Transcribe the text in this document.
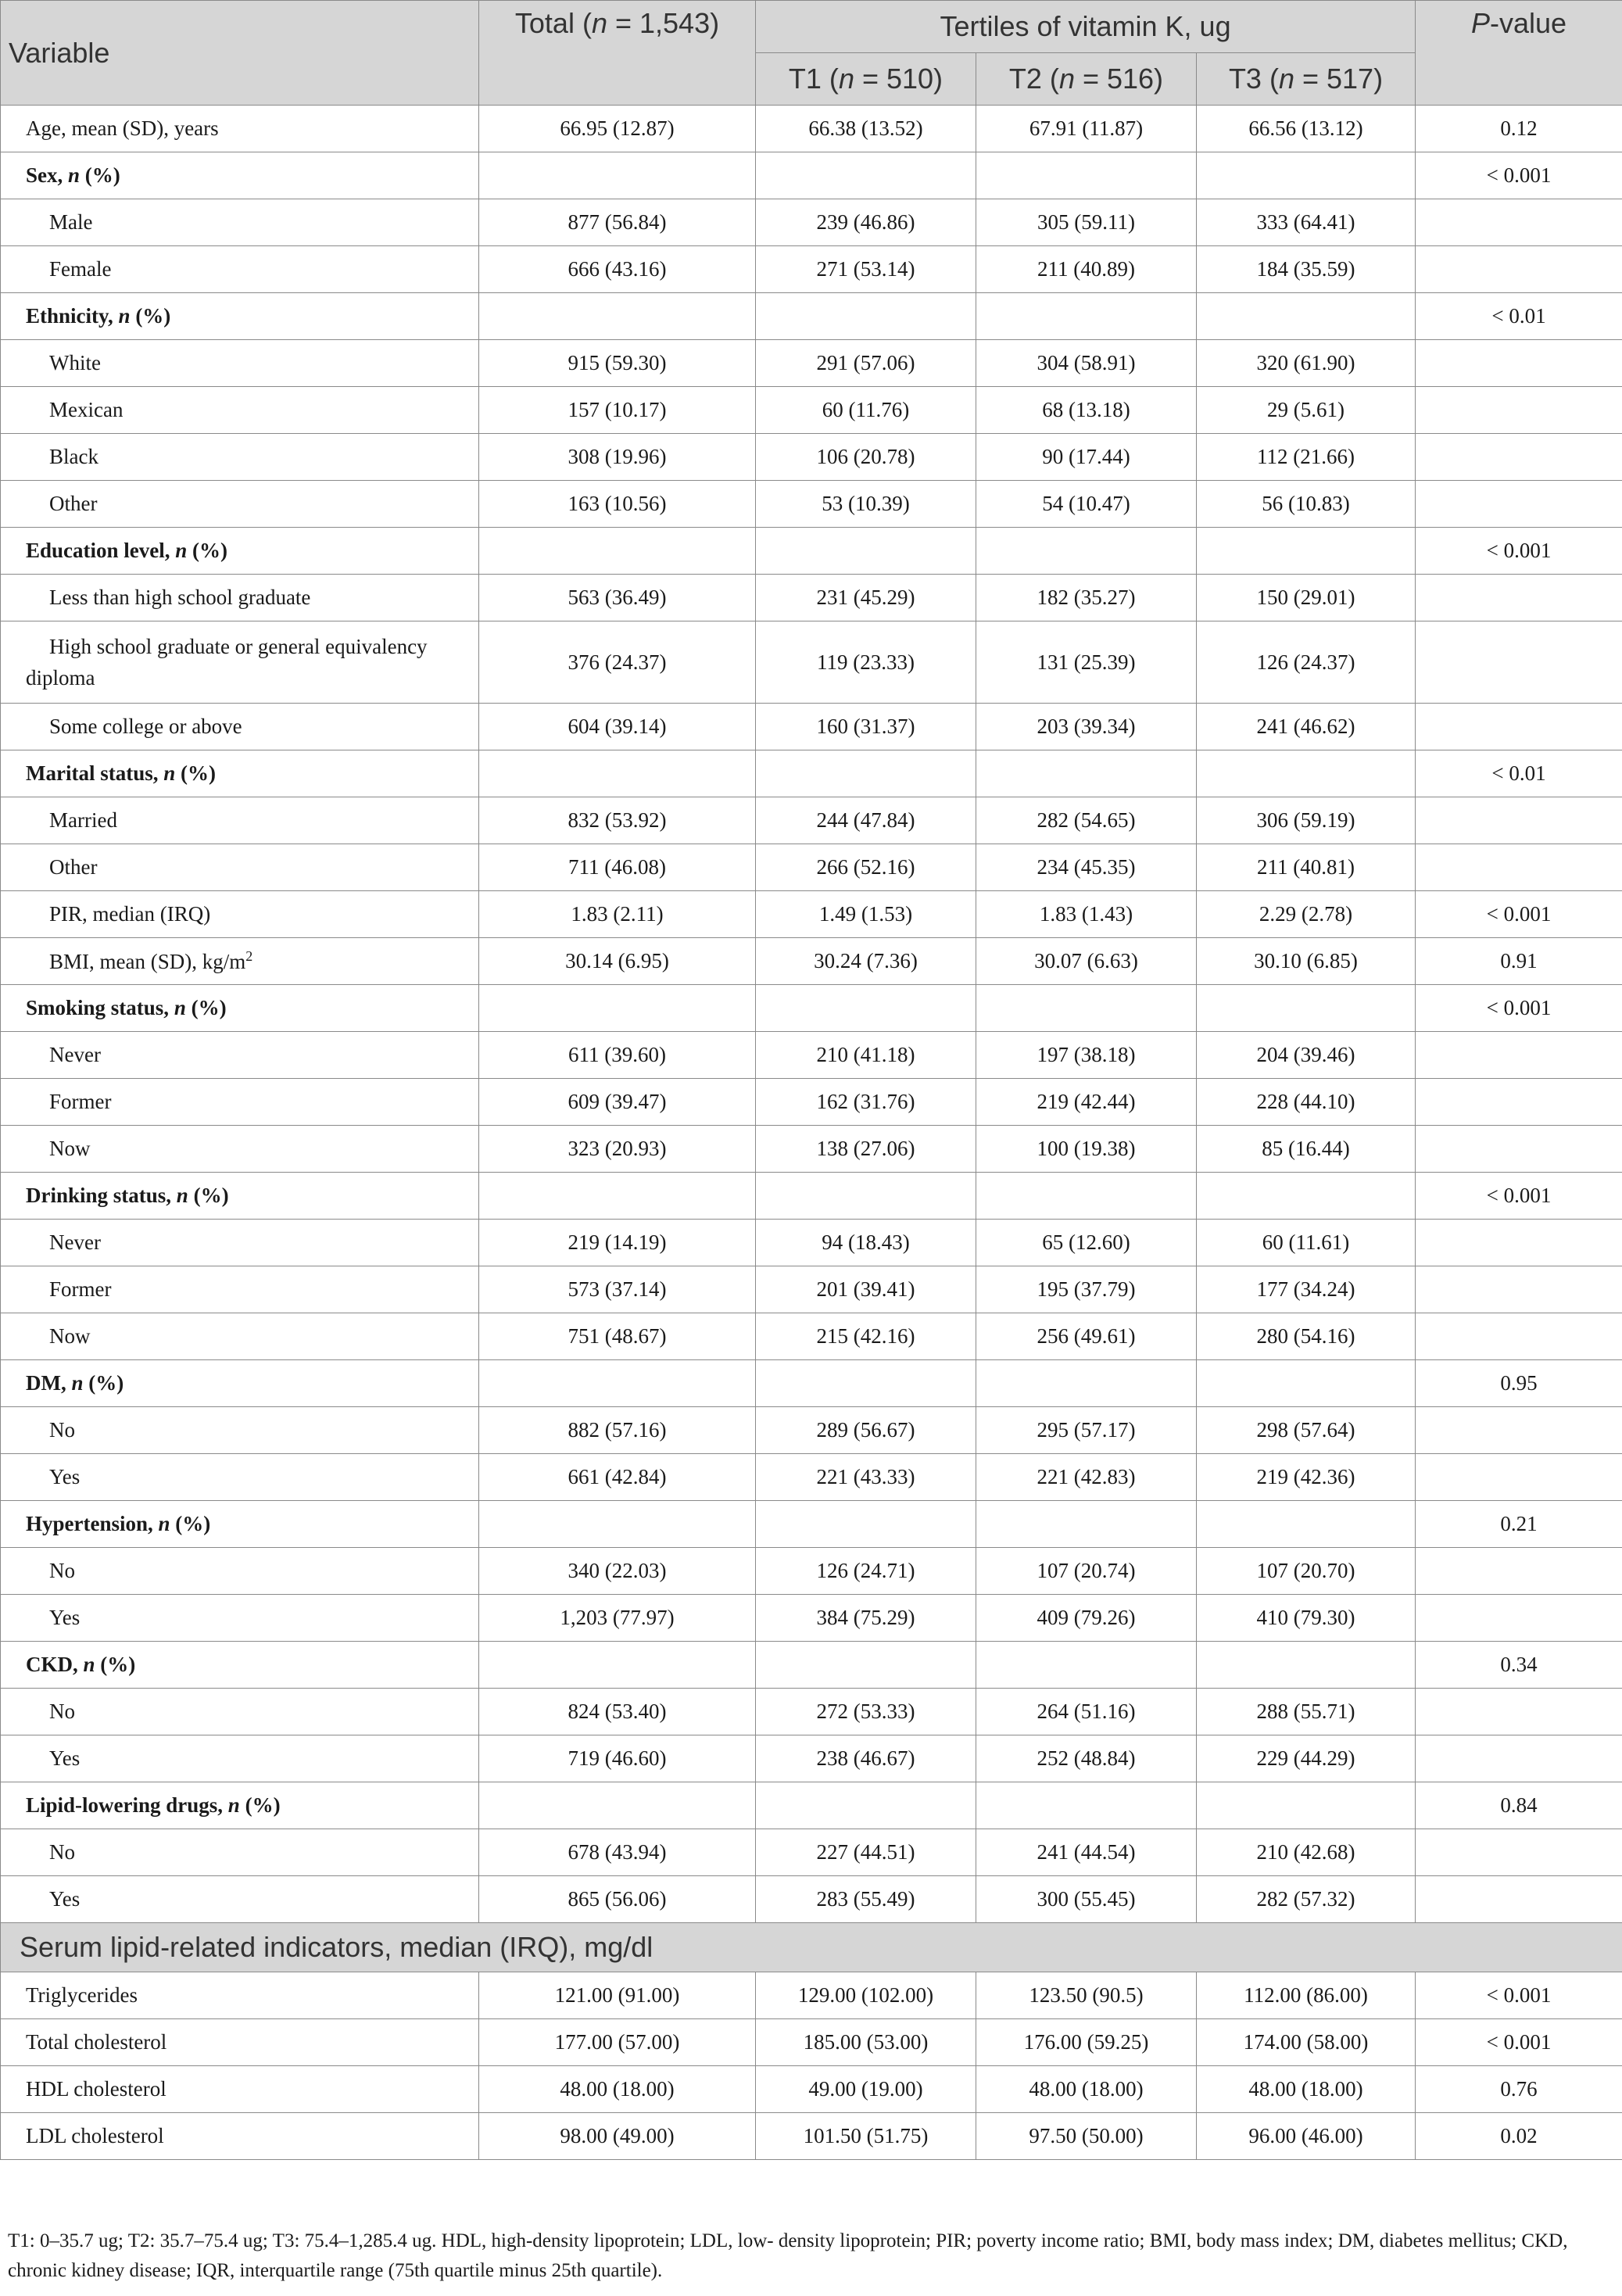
Variable	Total (n = 1,543)	Tertiles of vitamin K, ug			P-value
		T1 (n = 510)	T2 (n = 516)	T3 (n = 517)	
Age, mean (SD), years	66.95 (12.87)	66.38 (13.52)	67.91 (11.87)	66.56 (13.12)	0.12
Sex, n (%)					< 0.001
Male	877 (56.84)	239 (46.86)	305 (59.11)	333 (64.41)	
Female	666 (43.16)	271 (53.14)	211 (40.89)	184 (35.59)	
Ethnicity, n (%)					< 0.01
White	915 (59.30)	291 (57.06)	304 (58.91)	320 (61.90)	
Mexican	157 (10.17)	60 (11.76)	68 (13.18)	29 (5.61)	
Black	308 (19.96)	106 (20.78)	90 (17.44)	112 (21.66)	
Other	163 (10.56)	53 (10.39)	54 (10.47)	56 (10.83)	
Education level, n (%)					< 0.001
Less than high school graduate	563 (36.49)	231 (45.29)	182 (35.27)	150 (29.01)	
High school graduate or general equivalency diploma	376 (24.37)	119 (23.33)	131 (25.39)	126 (24.37)	
Some college or above	604 (39.14)	160 (31.37)	203 (39.34)	241 (46.62)	
Marital status, n (%)					< 0.01
Married	832 (53.92)	244 (47.84)	282 (54.65)	306 (59.19)	
Other	711 (46.08)	266 (52.16)	234 (45.35)	211 (40.81)	
PIR, median (IRQ)	1.83 (2.11)	1.49 (1.53)	1.83 (1.43)	2.29 (2.78)	< 0.001
BMI, mean (SD), $kg/m^2$	30.14 (6.95)	30.24 (7.36)	30.07 (6.63)	30.10 (6.85)	0.91
Smoking status, n (%)					< 0.001
Never	611 (39.60)	210 (41.18)	197 (38.18)	204 (39.46)	
Former	609 (39.47)	162 (31.76)	219 (42.44)	228 (44.10)	
Now	323 (20.93)	138 (27.06)	100 (19.38)	85 (16.44)	
Drinking status, n (%)					< 0.001
Never	219 (14.19)	94 (18.43)	65 (12.60)	60 (11.61)	
Former	573 (37.14)	201 (39.41)	195 (37.79)	177 (34.24)	
Now	751 (48.67)	215 (42.16)	256 (49.61)	280 (54.16)	
DM, n (%)					0.95
No	882 (57.16)	289 (56.67)	295 (57.17)	298 (57.64)	
Yes	661 (42.84)	221 (43.33)	221 (42.83)	219 (42.36)	
Hypertension, n (%)					0.21
No	340 (22.03)	126 (24.71)	107 (20.74)	107 (20.70)	
Yes	1,203 (77.97)	384 (75.29)	409 (79.26)	410 (79.30)	
CKD, n (%)					0.34
No	824 (53.40)	272 (53.33)	264 (51.16)	288 (55.71)	
Yes	719 (46.60)	238 (46.67)	252 (48.84)	229 (44.29)	
Lipid-lowering drugs, n (%)					0.84
No	678 (43.94)	227 (44.51)	241 (44.54)	210 (42.68)	
Yes	865 (56.06)	283 (55.49)	300 (55.45)	282 (57.32)	
Serum lipid-related indicators, median (IRQ), mg/dl					
Triglycerides	121.00 (91.00)	129.00 (102.00)	123.50 (90.5)	112.00 (86.00)	< 0.001
Total cholesterol	177.00 (57.00)	185.00 (53.00)	176.00 (59.25)	174.00 (58.00)	< 0.001
HDL cholesterol	48.00 (18.00)	49.00 (19.00)	48.00 (18.00)	48.00 (18.00)	0.76
LDL cholesterol	98.00 (49.00)	101.50 (51.75)	97.50 (50.00)	96.00 (46.00)	0.02
T1: 0–35.7 ug; T2: 35.7–75.4 ug; T3: 75.4–1,285.4 ug. HDL, high-density lipoprotein; LDL, low- density lipoprotein; PIR; poverty income ratio; BMI, body mass index; DM, diabetes mellitus; CKD, chronic kidney disease; IQR, interquartile range (75th quartile minus 25th quartile).
